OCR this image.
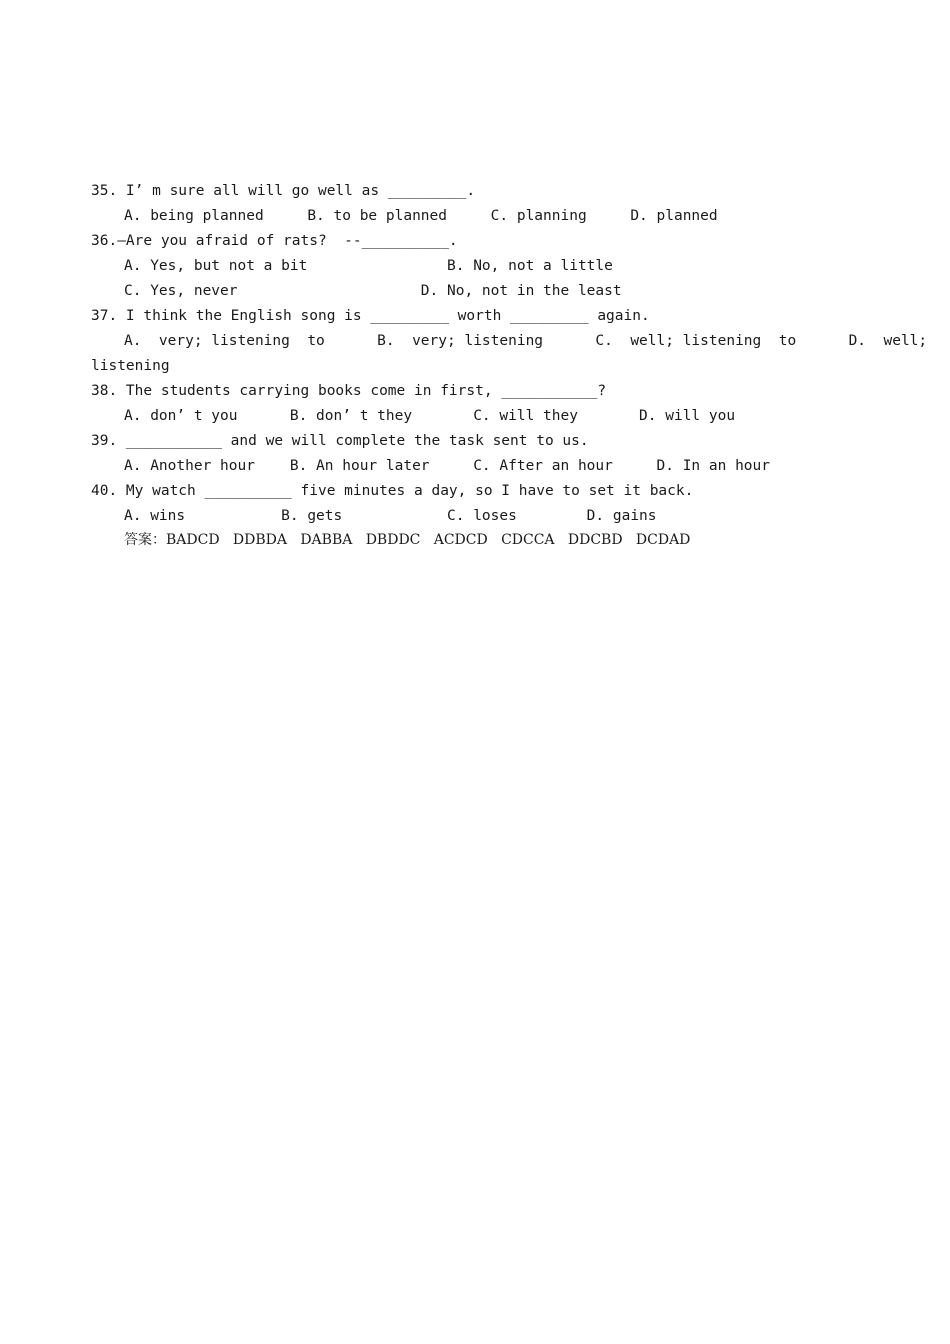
35. I’ m sure all will go well as _________.
A. being planned     B. to be planned     C. planning     D. planned
36.—Are you afraid of rats?  --__________.
A. Yes, but not a bit                B. No, not a little
C. Yes, never                     D. No, not in the least
37. I think the English song is _________ worth _________ again.
A.  very; listening  to      B.  very; listening      C.  well; listening  to      D.  well;
listening
38. The students carrying books come in first, ___________?
A. don’ t you      B. don’ t they       C. will they       D. will you
39. ___________ and we will complete the task sent to us.
A. Another hour    B. An hour later     C. After an hour     D. In an hour
40. My watch __________ five minutes a day, so I have to set it back.
A. wins           B. gets            C. loses        D. gains
答案：BADCD   DDBDA   DABBA   DBDDC   ACDCD   CDCCA   DDCBD   DCDAD
